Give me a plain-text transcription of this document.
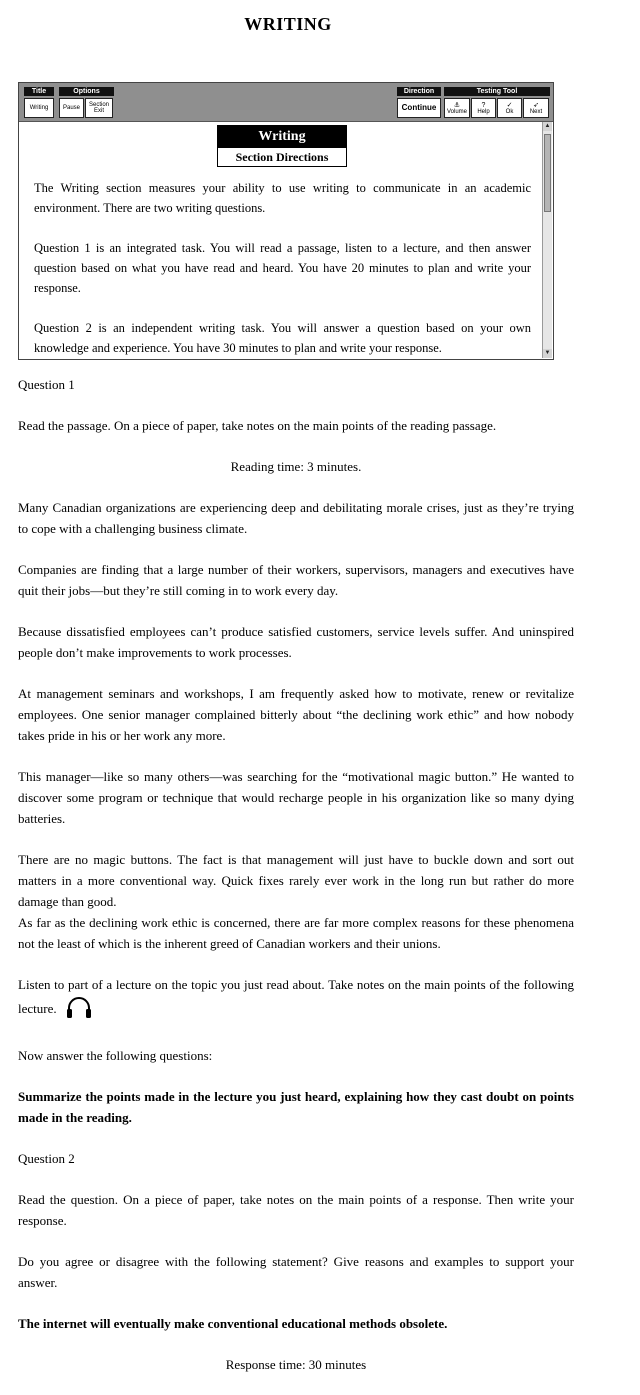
WRITING
Title
Writing
Options
Pause	Section
Exit
Direction
Continue
Testing Tool
⚓
Volume
?
Help
✓
Ok
➶
Next
Writing
Section Directions

The Writing section measures your ability to use writing to communicate in an academic environment. There are two writing questions.

Question 1 is an integrated task. You will read a passage, listen to a lecture, and then answer question based on what you have read and heard. You have 20 minutes to plan and write your response.

Question 2 is an independent writing task. You will answer a question based on your own knowledge and experience. You have 30 minutes to plan and write your response.

▲
▼

Question 1

Read the passage. On a piece of paper, take notes on the main points of the reading passage.

Reading time: 3 minutes.

Many Canadian organizations are experiencing deep and debilitating morale crises, just as they’re trying to cope with a challenging business climate.

Companies are finding that a large number of their workers, supervisors, managers and executives have quit their jobs—but they’re still coming in to work every day.

Because dissatisfied employees can’t produce satisfied customers, service levels suffer. And uninspired people don’t make improvements to work processes.

At management seminars and workshops, I am frequently asked how to motivate, renew or revitalize employees. One senior manager complained bitterly about “the declining work ethic” and how nobody takes pride in his or her work any more.

This manager—like so many others—was searching for the “motivational magic button.” He wanted to discover some program or technique that would recharge people in his organization like so many dying batteries.

There are no magic buttons. The fact is that management will just have to buckle down and sort out matters in a more conventional way. Quick fixes rarely ever work in the long run but rather do more damage than good.

As far as the declining work ethic is concerned, there are far more complex reasons for these phenomena not the least of which is the inherent greed of Canadian workers and their unions.

Listen to part of a lecture on the topic you just read about. Take notes on the main points of the following lecture.

Now answer the following questions:

Summarize the points made in the lecture you just heard, explaining how they cast doubt on points made in the reading.

Question 2

Read the question. On a piece of paper, take notes on the main points of a response. Then write your response.

Do you agree or disagree with the following statement? Give reasons and examples to support your answer.

The internet will eventually make conventional educational methods obsolete.

Response time: 30 minutes
